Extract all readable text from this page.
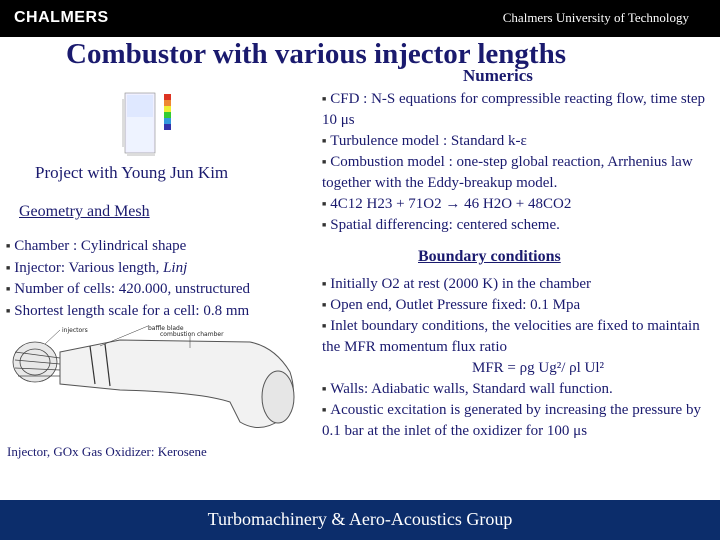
CHALMERS	Chalmers University of Technology
Combustor with various injector lengths
Numerics
Project with Young Jun Kim
Geometry and Mesh
■ Chamber : Cylindrical shape
■ Injector: Various length, Linj
■ Number of cells: 420.000, unstructured
■ Shortest length scale for a cell: 0.8 mm
injectors	baffle blade
combustion chamber
Injector, GOx Gas Oxidizer: Kerosene

■ CFD : N-S equations for compressible reacting flow, time step 10 μs

■ Turbulence model : Standard k-ε

■ Combustion model : one-step global reaction, Arrhenius law together with the Eddy-breakup model.

■ 4C12 H23 + 71O2 → 46 H2O + 48CO2

■ Spatial differencing: centered scheme.

Boundary conditions

■ Initially O2 at rest (2000 K) in the chamber

■ Open end, Outlet Pressure fixed: 0.1 Mpa

■ Inlet boundary conditions, the velocities are fixed to maintain the MFR momentum flux ratio

MFR = ρg Ug²/ ρl Ul²

■ Walls: Adiabatic walls, Standard wall function.

■ Acoustic excitation is generated by increasing the pressure by 0.1 bar at the inlet of the oxidizer for 100 μs

Turbomachinery & Aero-Acoustics Group
